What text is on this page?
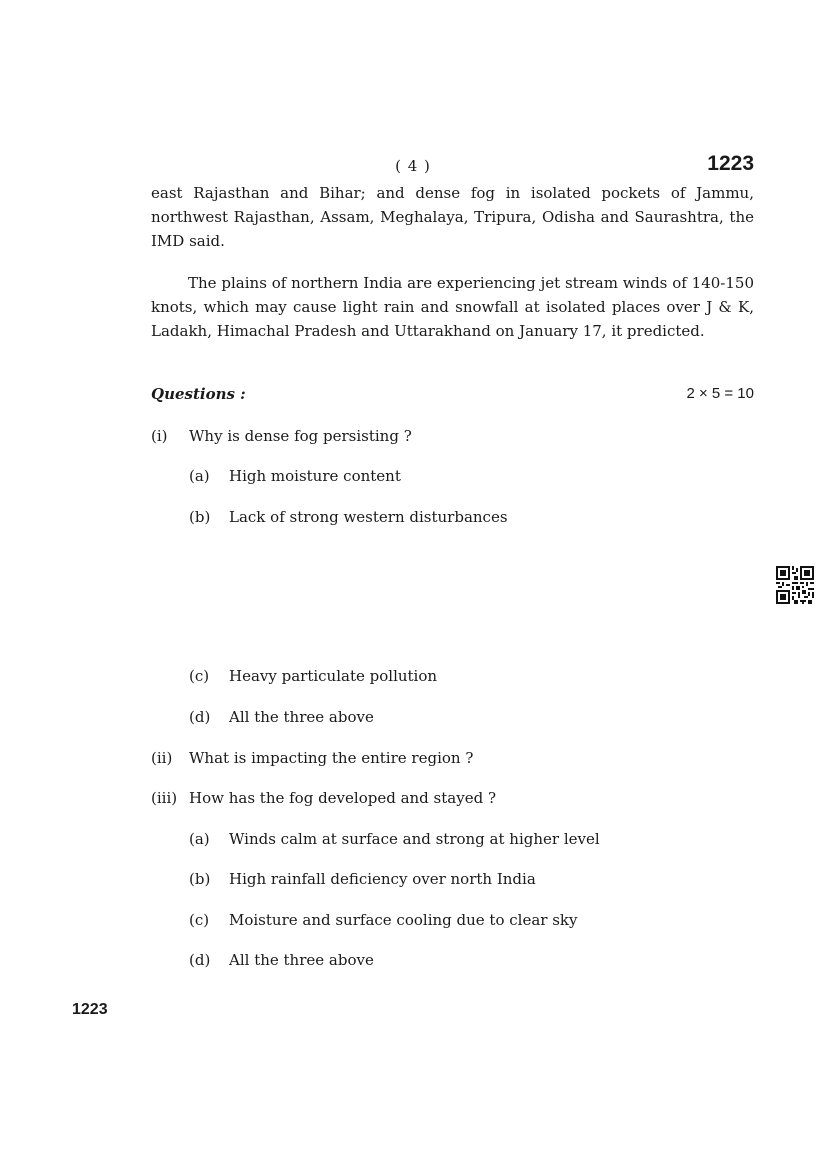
( 4 )	1223

east Rajasthan and Bihar; and dense fog in isolated pockets of Jammu, northwest Rajasthan, Assam, Meghalaya, Tripura, Odisha and Saurashtra, the IMD said.

The plains of northern India are experiencing jet stream winds of 140-150 knots, which may cause light rain and snowfall at isolated places over J & K, Ladakh, Himachal Pradesh and Uttarakhand on January 17, it predicted.

Questions :	2 × 5 = 10
(i) Why is dense fog persisting ?
(a) High moisture content
(b) Lack of strong western disturbances
(c) Heavy particulate pollution
(d) All the three above
(ii) What is impacting the entire region ?
(iii) How has the fog developed and stayed ?
(a) Winds calm at surface and strong at higher level
(b) High rainfall deficiency over north India
(c) Moisture and surface cooling due to clear sky
(d) All the three above
1223
